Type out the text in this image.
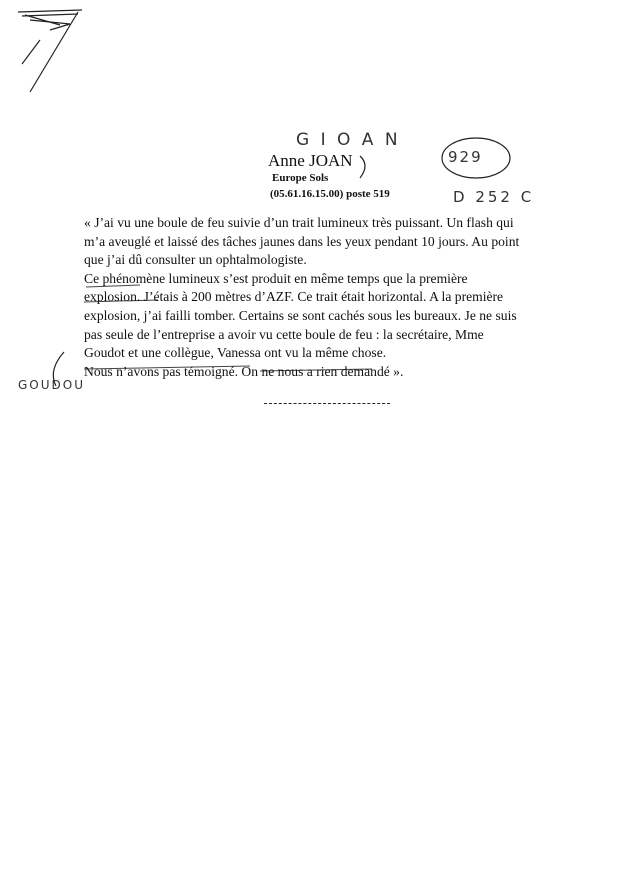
G I O A N
Anne JOAN
Europe Sols
(05.61.16.15.00) poste 519
929
D 252 C
GOUDOU
« J’ai vu une boule de feu suivie d’un trait lumineux très puissant. Un flash qui
m’a aveuglé et laissé des tâches jaunes dans les yeux pendant 10 jours. Au point
que j’ai dû consulter un ophtalmologiste.
Ce phénomène lumineux s’est produit en même temps que la première
explosion. J’étais à 200 mètres d’AZF. Ce trait était horizontal. A la première
explosion, j’ai failli tomber. Certains se sont cachés sous les bureaux. Je ne suis
pas seule de l’entreprise a avoir vu cette boule de feu : la secrétaire, Mme
Goudot et une collègue, Vanessa ont vu la même chose.
Nous n’avons pas témoigné. On ne nous a rien demandé ».
